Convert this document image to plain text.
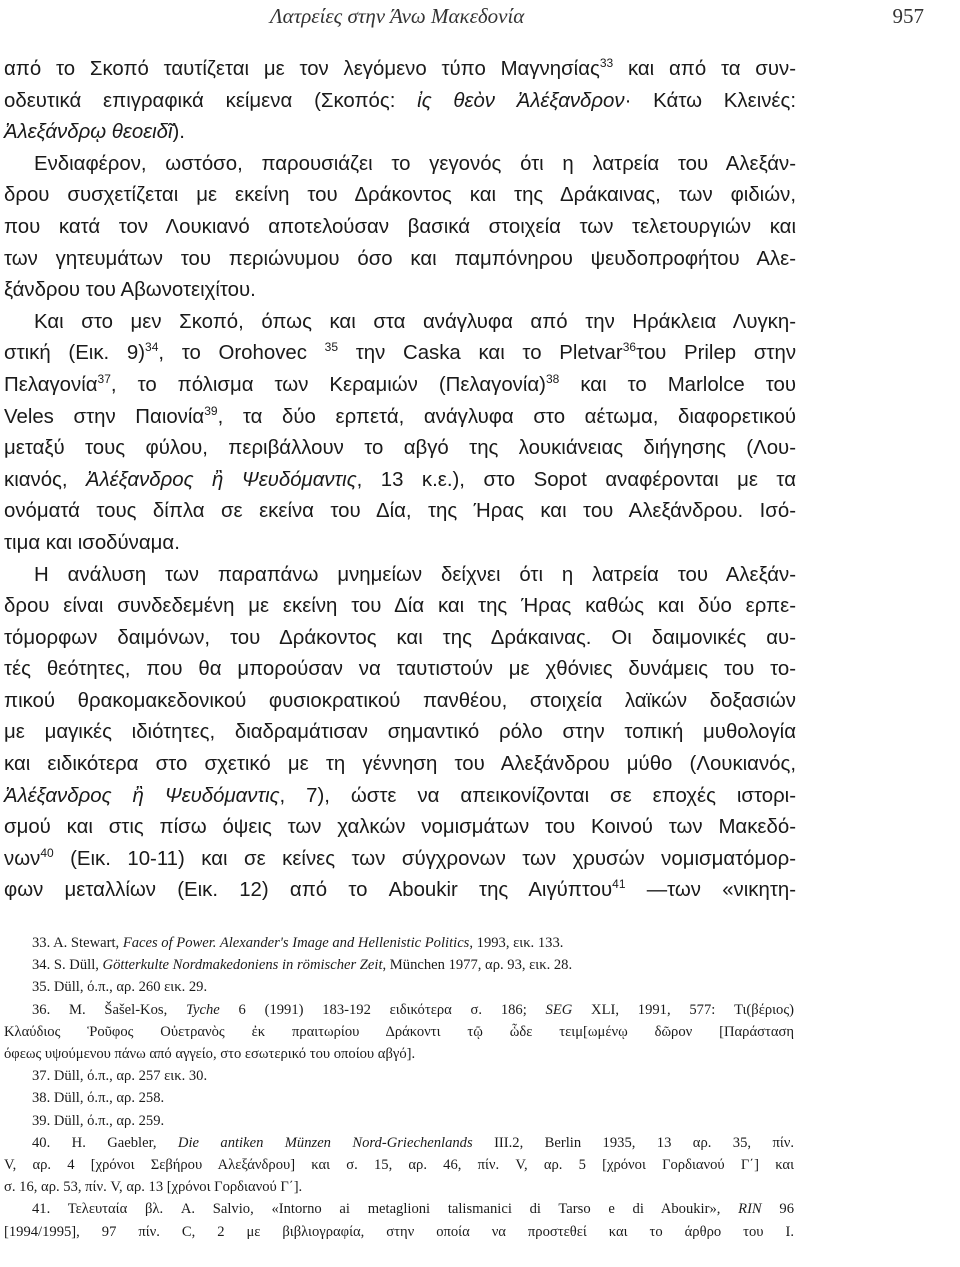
Λατρείες στην Άνω Μακεδονία	957

από το Σκοπό ταυτίζεται με τον λεγόμενο τύπο Μαγνησίας$^{33}$ και από τα συν-
οδευτικά επιγραφικά κείμενα (Σκοπός: ἰς θεὸν Ἀλέξανδρον· Κάτω Κλεινές:
Ἀλεξάνδρῳ θεοειδῖ).

Ενδιαφέρον, ωστόσο, παρουσιάζει το γεγονός ότι η λατρεία του Αλεξάν-
δρου συσχετίζεται με εκείνη του Δράκοντος και της Δράκαινας, των φιδιών,
που κατά τον Λουκιανό αποτελούσαν βασικά στοιχεία των τελετουργιών και
των γητευμάτων του περιώνυμου όσο και παμπόνηρου ψευδοπροφήτου Αλε-
ξάνδρου του Αβωνοτειχίτου.

Και στο μεν Σκοπό, όπως και στα ανάγλυφα από την Ηράκλεια Λυγκη-
στική (Εικ. 9)$^{34}$, το Orohovec $^{35}$ την Caska και το Pletvar$^{36}$του Prilep στην
Πελαγονία$^{37}$, το πόλισμα των Κεραμιών $(\Pi\varepsilon\lambda\alpha\gamma o\nu ί\alpha)^{38}$ και το Marlolce του
Veles στην Παιονία$^{39}$, τα δύο ερπετά, ανάγλυφα στο αέτωμα, διαφορετικού
μεταξύ τους φύλου, περιβάλλουν το αβγό της λουκιάνειας διήγησης (Λου-
κιανός, Ἀλέξανδρος ἢ Ψευδόμαντις, 13 κ.ε.), στο Sopot αναφέρονται με τα
ονόματά τους δίπλα σε εκείνα του Δία, της Ήρας και του Αλεξάνδρου. Ισό-
τιμα και ισοδύναμα.

Η ανάλυση των παραπάνω μνημείων δείχνει ότι η λατρεία του Αλεξάν-
δρου είναι συνδεδεμένη με εκείνη του Δία και της Ήρας καθώς και δύο ερπε-
τόμορφων δαιμόνων, του Δράκοντος και της Δράκαινας. Οι δαιμονικές αυ-
τές θεότητες, που θα μπορούσαν να ταυτιστούν με χθόνιες δυνάμεις του το-
πικού θρακομακεδονικού φυσιοκρατικού πανθέου, στοιχεία λαϊκών δοξασιών
με μαγικές ιδιότητες, διαδραμάτισαν σημαντικό ρόλο στην τοπική μυθολογία
και ειδικότερα στο σχετικό με τη γέννηση του Αλεξάνδρου μύθο (Λουκιανός,
Ἀλέξανδρος ἢ Ψευδόμαντις, 7), ώστε να απεικονίζονται σε εποχές ιστορι-
σμού και στις πίσω όψεις των χαλκών νομισμάτων του Κοινού των Μακεδό-
νων$^{40}$ (Εικ. 10-11) και σε κείνες των σύγχρονων των χρυσών νομισματόμορ-
φων μεταλλίων (Εικ. 12) από το Aboukir της Αιγύπτου$^{41}$ —των «νικητη-

33. A. Stewart, Faces of Power. Alexander's Image and Hellenistic Politics, 1993, εικ. 133.
34. S. Düll, Götterkulte Nordmakedoniens in römischer Zeit, München 1977, αρ. 93, εικ. 28.
35. Düll, ό.π., αρ. 260 εικ. 29.
36. M. Šašel-Kos, Tyche 6 (1991) 183-192 ειδικότερα σ. 186; SEG XLI, 1991, 577: Τι(βέριος)
Κλαύδιος Ῥοῦφος Οὐετρανὸς ἐκ πραιτωρίου Δράκοντι τῷ ὧδε τειμ[ωμένῳ δῶρον [Παράσταση
όφεως υψούμενου πάνω από αγγείο, στο εσωτερικό του οποίου αβγό].
37. Düll, ό.π., αρ. 257 εικ. 30.
38. Düll, ό.π., αρ. 258.
39. Düll, ό.π., αρ. 259.
40. H. Gaebler, Die antiken Münzen Nord-Griechenlands III.2, Berlin 1935, 13 αρ. 35, πίν.
V, αρ. 4 [χρόνοι Σεβήρου Αλεξάνδρου] και σ. 15, αρ. 46, πίν. V, αρ. 5 [χρόνοι Γορδιανού Γ΄] και
σ. 16, αρ. 53, πίν. V, αρ. 13 [χρόνοι Γορδιανού Γ΄].
41. Τελευταία βλ. A. Salvio, «Intorno ai metaglioni talismanici di Tarso e di Aboukir», RIN 96
[1994/1995], 97 πίν. C, 2 με βιβλιογραφία, στην οποία να προστεθεί και το άρθρο του I.
